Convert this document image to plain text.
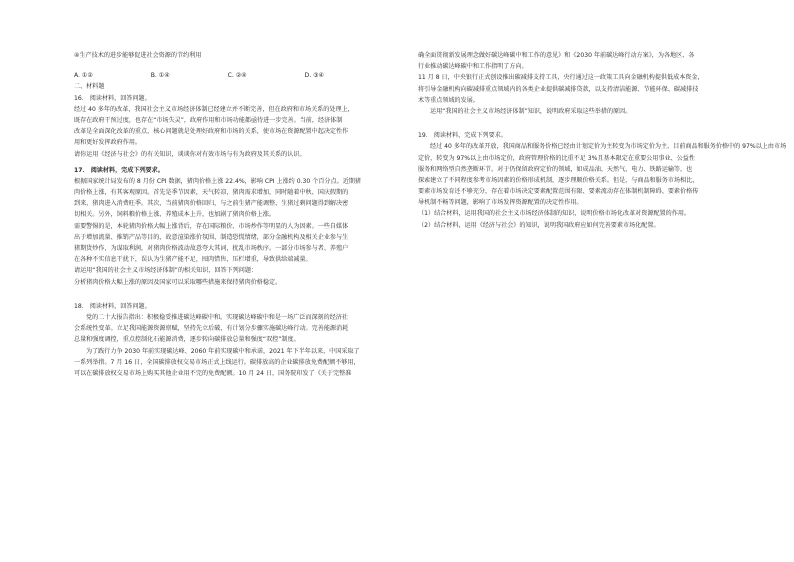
④生产技术的进步能够促进社会资源的节约利用
A. ①②	B. ①④	C. ②④	D. ③④
二、材料题
16． 阅读材料，回答问题。
经过 40 多年的改革，我国社会主义市场经济体制已经建立并不断完善，但在政府和市场关系的处理上，
既存在政府干预过度，也存在“市场失灵”，政府作用和市场功能都亟待进一步完善。当前，经济体制
改革是全面深化改革的重点，核心问题就是处理好政府和市场的关系，使市场在资源配置中起决定性作
用和更好发挥政府作用。
请你运用《经济与社会》的有关知识，谈谈你对有效市场与有为政府及其关系的认识。
17． 阅读材料，完成下列要求。
根据国家统计局发布的 8 月份 CPI 数据，猪肉价格上涨 22.4%，影响 CPI 上涨约 0.30 个百分点。近期猪
肉价格上涨，有其客观原因。首先是季节因素，天气转凉，猪肉需求增加，同时随着中秋、国庆假期的
到来，猪肉进入消费旺季。其次，当前猪肉价格回归，与之前生猪产能调整、生猪过剩问题得到解决密
切相关。另外，饲料粮价格上涨、养殖成本上升，也加剧了猪肉价格上涨。
需要警惕的是，本轮猪肉价格大幅上涨背后，存在国际粮价、市场炒作等明显的人为因素。一些自媒体
出于增加流量、推销产品等目的，故意渲染涨价氛围、制造恐慌情绪，部分金融机构及相关企业参与生
猪期货炒作，为谋取利润，对猪肉价格波动故意夸大其词，扰乱市场秩序。一部分市场参与者、养殖户
在各种不实信息干扰下，误认为生猪产能不足，囤肉惜售、压栏增重，导致供给端减量。
请运用“我国的社会主义市场经济体制”的相关知识，回答下列问题：
分析猪肉价格大幅上涨的原因及国家可以采取哪些措施来保持猪肉价格稳定。
18． 阅读材料，回答问题。
党的二十大报告指出：积极稳妥推进碳达峰碳中和。实现碳达峰碳中和是一场广泛而深刻的经济社
会系统性变革。立足我国能源资源禀赋，坚持先立后破，有计划分步骤实施碳达峰行动。完善能源消耗
总量和强度调控，重点控制化石能源消费，逐步转向碳排放总量和强度“双控”制度。
为了践行力争 2030 年前实现碳达峰、2060 年前实现碳中和承诺，2021 年下半年以来，中国采取了
一系列举措。7 月 16 日，全国碳排放权交易市场正式上线运行。碳排放高的企业碳排放免费配额不够用，
可以在碳排放权交易市场上购买其他企业用不完的免费配额。10 月 24 日，国务院印发了《关于完整准
确全面贯彻新发展理念做好碳达峰碳中和工作的意见》和《2030 年前碳达峰行动方案》，为各地区、各
行业推动碳达峰碳中和工作指明了方向。
11 月 8 日，中央银行正式创设推出碳减排支持工具，央行通过这一政策工具向金融机构提供低成本资金，
将引导金融机构向碳减排重点领域内的各类企业提供碳减排贷款，以支持清洁能源、节能环保、碳减排技
术等重点领域的发展。
运用“我国的社会主义市场经济体制”知识，说明政府采取这些举措的原因。
19． 阅读材料，完成下列要求。
经过 40 多年的改革开放，我国商品和服务价格已经由计划定价为主转变为市场定价为主，目前商品和服务价格中的 97%以上由市场
定价，转变为 97%以上由市场定价，政府管理价格的比重不足 3%且基本限定在重要公用事业、公益性
服务和网络型自然垄断环节。对于仍保留政府定价的领域，如成品油、天然气、电力、铁路运输等，也
探索建立了不同程度参考市场因素的价格形成机制，逐步理顺价格关系。但是，与商品和服务市场相比，
要素市场发育还不够充分，存在着市场决定要素配置范围有限、要素流动存在体制机制障碍、要素价格传
导机制不畅等问题，影响了市场发挥资源配置的决定性作用。
（1）结合材料，运用我国的社会主义市场经济体制的知识，说明价格市场化改革对资源配置的作用。
（2）结合材料，运用《经济与社会》的知识，说明我国政府应如何完善要素市场化配置。
